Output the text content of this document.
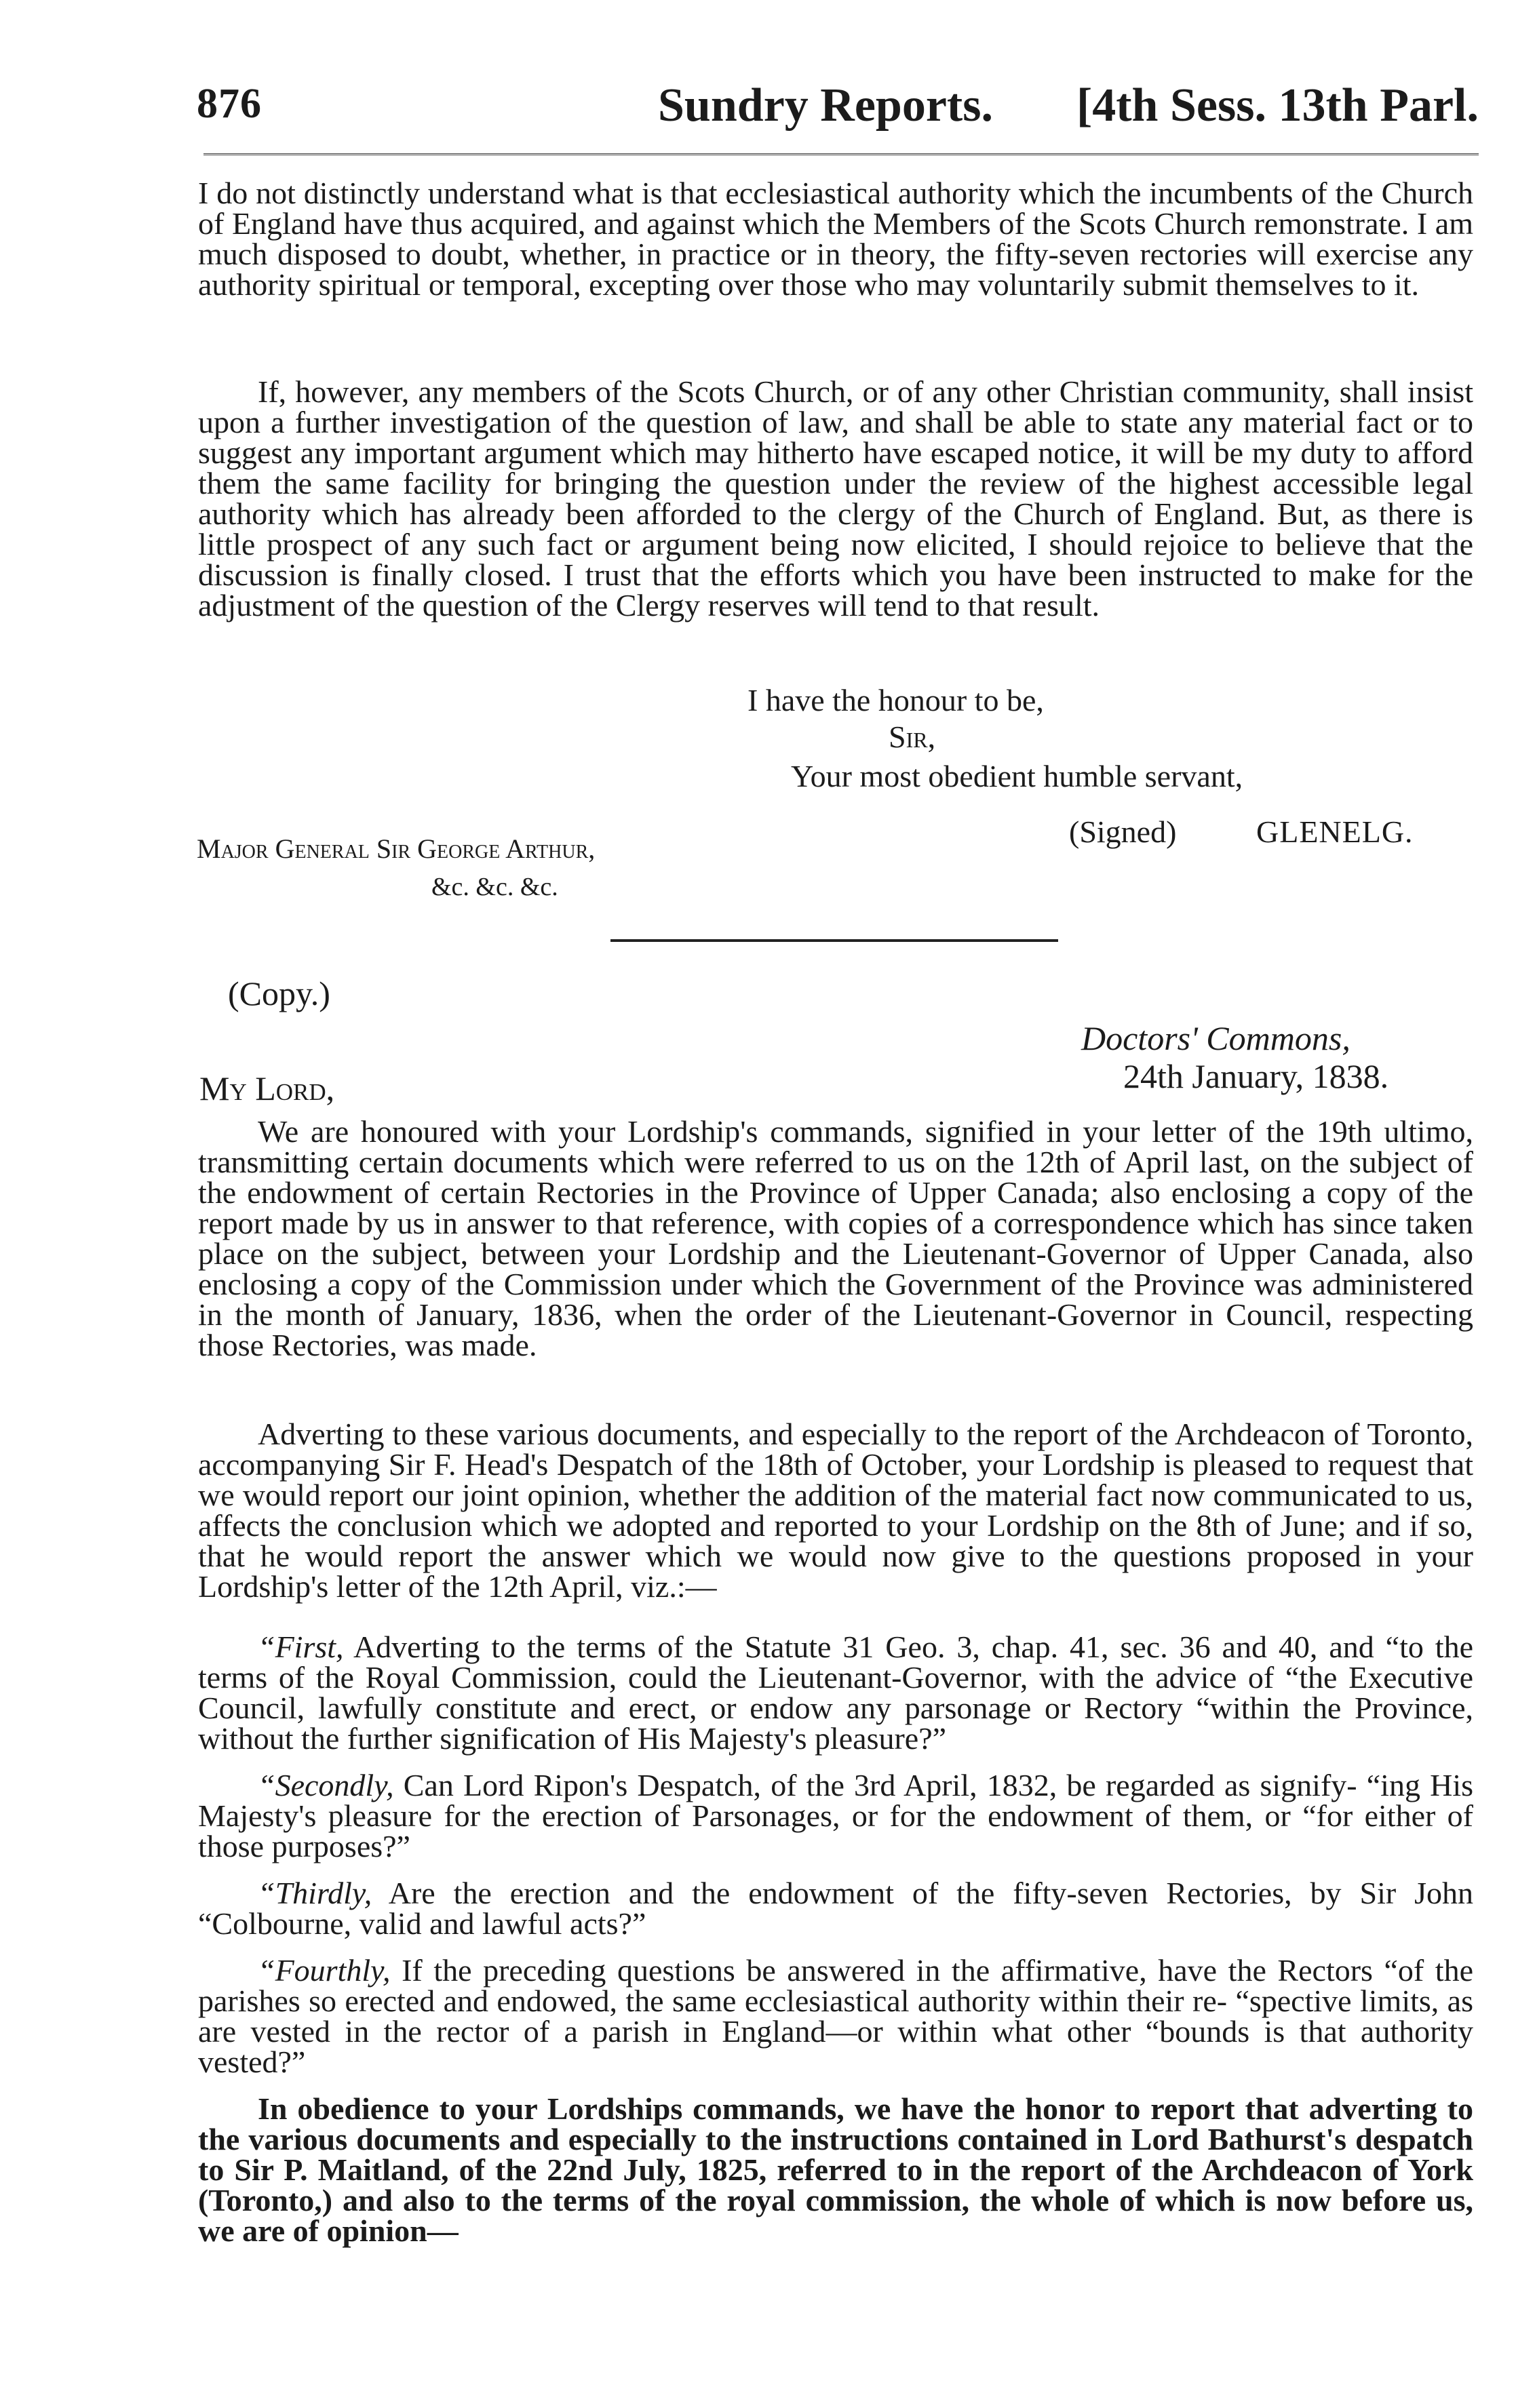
876	Sundry Reports. [4th Sess. 13th Parl.

I do not distinctly understand what is that ecclesiastical authority which the incumbents of the Church of England have thus acquired, and against which the Members of the Scots Church remonstrate. I am much disposed to doubt, whether, in practice or in theory, the fifty-seven rectories will exercise any authority spiritual or temporal, excepting over those who may voluntarily submit themselves to it.

If, however, any members of the Scots Church, or of any other Christian community, shall insist upon a further investigation of the question of law, and shall be able to state any material fact or to suggest any important argument which may hitherto have escaped notice, it will be my duty to afford them the same facility for bringing the question under the review of the highest accessible legal authority which has already been afforded to the clergy of the Church of England. But, as there is little prospect of any such fact or argument being now elicited, I should rejoice to believe that the discussion is finally closed. I trust that the efforts which you have been instructed to make for the adjustment of the question of the Clergy reserves will tend to that result.

I have the honour to be,
Sir,
Your most obedient humble servant,
(Signed)	GLENELG.
Major General Sir George Arthur,
&c. &c. &c.
(Copy.)
Doctors' Commons,
24th January, 1838.
My Lord,

We are honoured with your Lordship's commands, signified in your letter of the 19th ultimo, transmitting certain documents which were referred to us on the 12th of April last, on the subject of the endowment of certain Rectories in the Province of Upper Canada; also enclosing a copy of the report made by us in answer to that reference, with copies of a correspondence which has since taken place on the subject, between your Lordship and the Lieutenant-Governor of Upper Canada, also enclosing a copy of the Commission under which the Government of the Province was administered in the month of January, 1836, when the order of the Lieutenant-Governor in Council, respecting those Rectories, was made.

Adverting to these various documents, and especially to the report of the Archdeacon of Toronto, accompanying Sir F. Head's Despatch of the 18th of October, your Lordship is pleased to request that we would report our joint opinion, whether the addition of the material fact now communicated to us, affects the conclusion which we adopted and reported to your Lordship on the 8th of June; and if so, that he would report the answer which we would now give to the questions proposed in your Lordship's letter of the 12th April, viz.:—

“First, Adverting to the terms of the Statute 31 Geo. 3, chap. 41, sec. 36 and 40, and “to the terms of the Royal Commission, could the Lieutenant-Governor, with the advice of “the Executive Council, lawfully constitute and erect, or endow any parsonage or Rectory “within the Province, without the further signification of His Majesty's pleasure?”

“Secondly, Can Lord Ripon's Despatch, of the 3rd April, 1832, be regarded as signify- “ing His Majesty's pleasure for the erection of Parsonages, or for the endowment of them, or “for either of those purposes?”

“Thirdly, Are the erection and the endowment of the fifty-seven Rectories, by Sir John “Colbourne, valid and lawful acts?”

“Fourthly, If the preceding questions be answered in the affirmative, have the Rectors “of the parishes so erected and endowed, the same ecclesiastical authority within their re- “spective limits, as are vested in the rector of a parish in England—or within what other “bounds is that authority vested?”

In obedience to your Lordships commands, we have the honor to report that adverting to the various documents and especially to the instructions contained in Lord Bathurst's despatch to Sir P. Maitland, of the 22nd July, 1825, referred to in the report of the Archdeacon of York (Toronto,) and also to the terms of the royal commission, the whole of which is now before us, we are of opinion—
